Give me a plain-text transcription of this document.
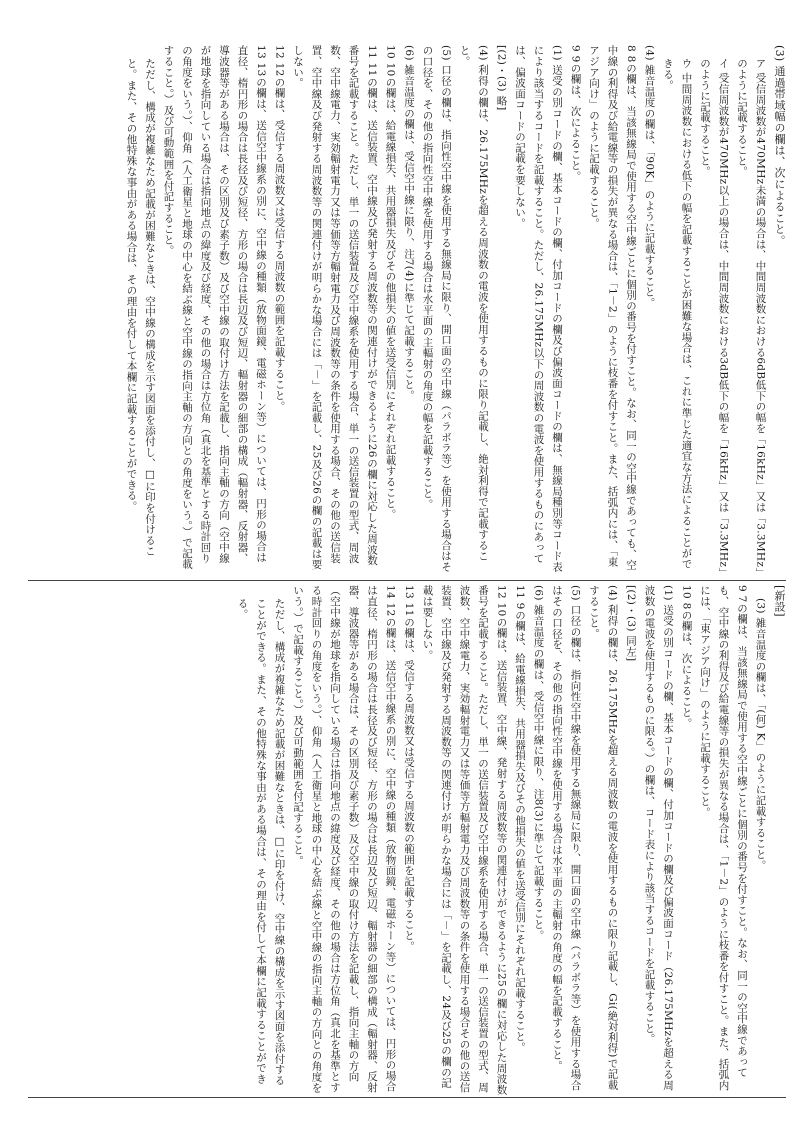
(3) 通過帯域幅の欄は、次によること。

ア 受信周波数が470MHz未満の場合は、中間周波数における6dB低下の幅を「16kHz」又は「3.3MHz」のように記載すること。

イ 受信周波数が470MHz以上の場合は、中間周波数における3dB低下の幅を「16kHz」又は「3.3MHz」のように記載すること。

ウ 中間周波数における低下の幅を記載することが困難な場合は、これに準じた適宜な方法によることができる。

(4) 雑音温度の欄は、「90K」のように記載すること。

8 8の欄は、当該無線局で使用する空中線ごとに個別の番号を付すこと。なお、同一の空中線であっても、空中線の利得及び給電線等の損失が異なる場合は、「1－2」のように枝番を付すこと。また、括弧内には、「東アジア向け」のように記載すること。

9 9の欄は、次によること。

(1) 送受の別コードの欄、基本コードの欄、付加コードの欄及び偏波面コードの欄は、無線局種別等コード表により該当するコードを記載すること。ただし、26.175MHz以下の周波数の電波を使用するものにあっては、偏波面コードの記載を要しない。

[(2)・(3) 略]

(4) 利得の欄は、26.175MHzを超える周波数の電波を使用するものに限り記載し、絶対利得で記載すること。

(5) 口径の欄は、指向性空中線を使用する無線局に限り、開口面の空中線（パラボラ等）を使用する場合はその口径を、その他の指向性空中線を使用する場合は水平面の主輻射の角度の幅を記載すること。

(6) 雑音温度の欄は、受信空中線に限り、注7(4)に準じて記載すること。

10 10の欄は、給電線損失、共用器損失及びその他損失の値を送受信別にそれぞれ記載すること。

11 11の欄は、送信装置、空中線及び発射する周波数等の関連付けができるように26の欄に対応した周波数番号を記載すること。ただし、単一の送信装置及び空中線系を使用する場合、単一の送信装置の型式、周波数、空中線電力、実効輻射電力又は等価等方輻射電力及び周波数等の条件を使用する場合、その他の送信装置、空中線及び発射する周波数等の関連付けが明らかな場合には「－」を記載し、25及び26の欄の記載は要しない。

12 12の欄は、受信する周波数又は受信する周波数の範囲を記載すること。

13 13の欄は、送信空中線系の別に、空中線の種類（放物面鏡、電磁ホーン等）については、円形の場合は直径、楕円形の場合は長径及び短径、方形の場合は長辺及び短辺、輻射器の細部の構成（輻射器、反射器、導波器等がある場合は、その区別及び素子数）及び空中線の取付け方法を記載し、指向主軸の方向（空中線が地球を指向している場合は指向地点の緯度及び経度、その他の場合は方位角（真北を基準とする時計回りの角度をいう。）、仰角（人工衛星と地球の中心を結ぶ線と空中線の指向主軸の方向との角度をいう。）で記載すること。）及び可動範囲を付記すること。

ただし、構成が複雑なため記載が困難なときは、空中線の構成を示す図面を添付し、□に印を付けること。また、その他特殊な事由がある場合は、その理由を付して本欄に記載することができる。

[新設]

(3) 雑音温度の欄は、「(何) K」のように記載すること。

9 7の欄は、当該無線局で使用する空中線ごとに個別の番号を付すこと。なお、同一の空中線であっても、空中線の利得及び給電線等の損失が異なる場合は、「1－2」のように枝番を付すこと。また、括弧内には、「東アジア向け」のように記載すること。

10 8の欄は、次によること。

(1) 送受の別コードの欄、基本コードの欄、付加コードの欄及び偏波面コード（26.175MHzを超える周波数の電波を使用するものに限る。）の欄は、コード表により該当するコードを記載すること。

[(2)・(3) 同左]

(4) 利得の欄は、26.175MHzを超える周波数の電波を使用するものに限り記載し、Gi(絶対利得)で記載すること。

(5) 口径の欄は、指向性空中線を使用する無線局に限り、開口面の空中線（パラボラ等）を使用する場合はその口径を、その他の指向性空中線を使用する場合は水平面の主輻射の角度の幅を記載すること。

(6) 雑音温度の欄は、受信空中線に限り、注8(3)に準じて記載すること。

11 9の欄は、給電線損失、共用器損失及びその他損失の値を送受信別にそれぞれ記載すること。

12 10の欄は、送信装置、空中線、発射する周波数等の関連付けができるように25の欄に対応した周波数番号を記載すること。ただし、単一の送信装置及び空中線系を使用する場合、単一の送信装置の型式、周波数、空中線電力、実効輻射電力又は等価等方輻射電力及び周波数等の条件を使用する場合その他の送信装置、空中線及び発射する周波数等の関連付けが明らかな場合には「－」を記載し、24及び25の欄の記載は要しない。

13 11の欄は、受信する周波数又は受信する周波数の範囲を記載すること。

14 12の欄は、送信空中線系の別に、空中線の種類（放物面鏡、電磁ホーン等）については、円形の場合は直径、楕円形の場合は長径及び短径、方形の場合は長辺及び短辺、輻射器の細部の構成（輻射器、反射器、導波器等がある場合は、その区別及び素子数）及び空中線の取付け方法を記載し、指向主軸の方向（空中線が地球を指向している場合は指向地点の緯度及び経度、その他の場合は方位角（真北を基準とする時計回りの角度をいう。）、仰角（人工衛星と地球の中心を結ぶ線と空中線の指向主軸の方向との角度をいう。）で記載すること。）及び可動範囲を付記すること。

ただし、構成が複雑なため記載が困難なときは、□に印を付け、空中線の構成を示す図面を添付することができる。また、その他特殊な事由がある場合は、その理由を付して本欄に記載することができる。
